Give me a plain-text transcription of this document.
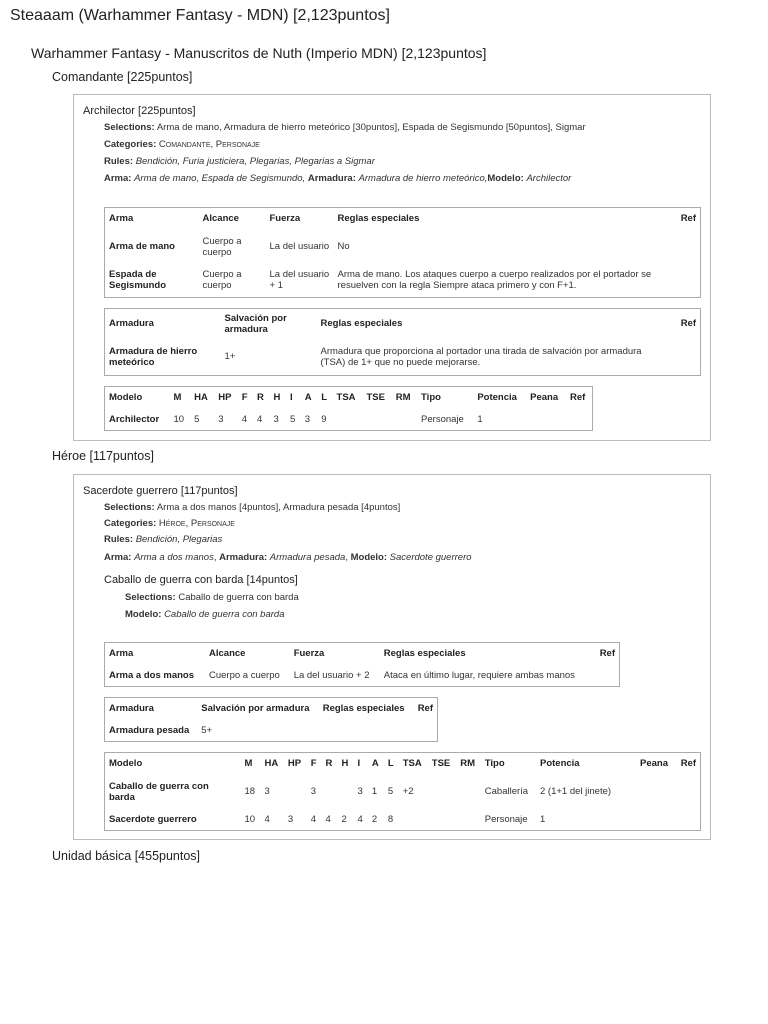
Steaaam (Warhammer Fantasy - MDN) [2,123puntos]
Warhammer Fantasy - Manuscritos de Nuth (Imperio MDN) [2,123puntos]
Comandante [225puntos]
Archilector [225puntos]
Selections: Arma de mano, Armadura de hierro meteórico [30puntos], Espada de Segismundo [50puntos], Sigmar
Categories: Comandante, Personaje
Rules: Bendición, Furia justiciera, Plegarias, Plegarias a Sigmar
Arma: Arma de mano, Espada de Segismundo, Armadura: Armadura de hierro meteórico,Modelo: Archilector
Arma	Alcance	Fuerza	Reglas especiales	Ref
Arma de mano	Cuerpo a cuerpo	La del usuario	No	
Espada de Segismundo	Cuerpo a cuerpo	La del usuario + 1	Arma de mano. Los ataques cuerpo a cuerpo realizados por el portador se resuelven con la regla Siempre ataca primero y con F+1.	
Armadura	Salvación por armadura	Reglas especiales	Ref
Armadura de hierro meteórico	1+	Armadura que proporciona al portador una tirada de salvación por armadura (TSA) de 1+ que no puede mejorarse.	
Modelo	M	HA	HP	F	R	H	I	A	L	TSA	TSE	RM	Tipo	Potencia	Peana	Ref
Archilector	10	5	3	4	4	3	5	3	9				Personaje	1		
Héroe [117puntos]
Sacerdote guerrero [117puntos]
Selections: Arma a dos manos [4puntos], Armadura pesada [4puntos]
Categories: Héroe, Personaje
Rules: Bendición, Plegarias
Arma: Arma a dos manos, Armadura: Armadura pesada, Modelo: Sacerdote guerrero
Caballo de guerra con barda [14puntos]
Selections: Caballo de guerra con barda
Modelo: Caballo de guerra con barda
Arma	Alcance	Fuerza	Reglas especiales	Ref
Arma a dos manos	Cuerpo a cuerpo	La del usuario + 2	Ataca en último lugar, requiere ambas manos	
Armadura	Salvación por armadura	Reglas especiales	Ref
Armadura pesada	5+		
Modelo	M	HA	HP	F	R	H	I	A	L	TSA	TSE	RM	Tipo	Potencia	Peana	Ref
Caballo de guerra con barda	18	3		3			3	1	5	+2			Caballería	2 (1+1 del jinete)		
Sacerdote guerrero	10	4	3	4	4	2	4	2	8				Personaje	1		
Unidad básica [455puntos]
